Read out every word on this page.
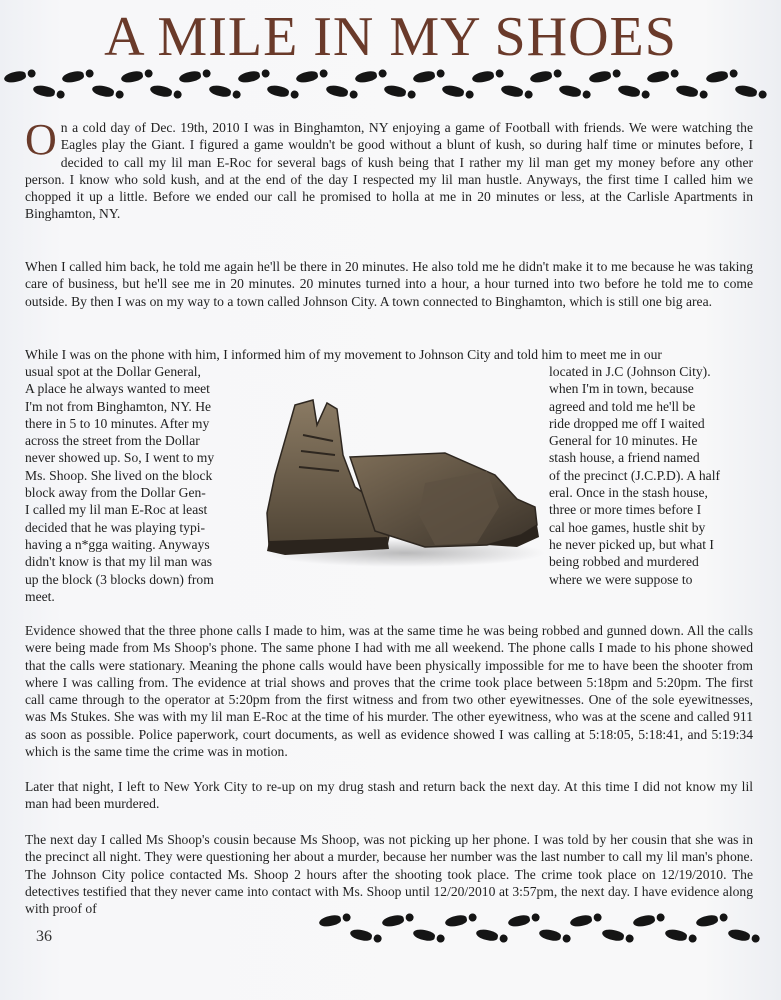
A MILE IN MY SHOES

On a cold day of Dec. 19th, 2010 I was in Binghamton, NY enjoying a game of Football with friends. We were watching the Eagles play the Giant. I figured a game wouldn't be good without a blunt of kush, so during half time or minutes before, I decided to call my lil man E-Roc for several bags of kush being that I rather my lil man get my money before any other person. I know who sold kush, and at the end of the day I respected my lil man hustle. Anyways, the first time I called him we chopped it up a little. Before we ended our call he promised to holla at me in 20 minutes or less, at the Carlisle Apartments in Binghamton, NY.

When I called him back, he told me again he'll be there in 20 minutes. He also told me he didn't make it to me because he was taking care of business, but he'll see me in 20 minutes. 20 minutes turned into a hour, a hour turned into two before he told me to come outside. By then I was on my way to a town called Johnson City. A town connected to Binghamton, which is still one big area.

While I was on the phone with him, I informed him of my movement to Johnson City and told him to meet me in our

usual spot at the Dollar General,
A place he always wanted to meet
I'm not from Binghamton, NY. He
there in 5 to 10 minutes. After my
across the street from the Dollar
never showed up. So, I went to my
Ms. Shoop. She lived on the block
block away from the Dollar Gen-
I called my lil man E-Roc at least
decided that he was playing typi-
having a n*gga waiting. Anyways
didn't know is that my lil man was
up the block (3 blocks down) from
meet.
located in J.C (Johnson City).
when I'm in town, because
agreed and told me he'll be
ride dropped me off I waited
General for 10 minutes. He
stash house, a friend named
of the precinct (J.C.P.D). A half
eral. Once in the stash house,
three or more times before I
cal hoe games, hustle shit by
he never picked up, but what I
being robbed and murdered
where we were suppose to

Evidence showed that the three phone calls I made to him, was at the same time he was being robbed and gunned down. All the calls were being made from Ms Shoop's phone. The same phone I had with me all weekend. The phone calls I made to his phone showed that the calls were stationary. Meaning the phone calls would have been physically impossible for me to have been the shooter from where I was calling from. The evidence at trial shows and proves that the crime took place between 5:18pm and 5:20pm. The first call came through to the operator at 5:20pm from the first witness and from two other eyewitnesses. One of the sole eyewitnesses, was Ms Stukes. She was with my lil man E-Roc at the time of his murder. The other eyewitness, who was at the scene and called 911 as soon as possible. Police paperwork, court documents, as well as evidence showed I was calling at 5:18:05, 5:18:41, and 5:19:34 which is the same time the crime was in motion.

Later that night, I left to New York City to re-up on my drug stash and return back the next day. At this time I did not know my lil man had been murdered.

The next day I called Ms Shoop's cousin because Ms Shoop, was not picking up her phone. I was told by her cousin that she was in the precinct all night. They were questioning her about a murder, because her number was the last number to call my lil man's phone. The Johnson City police contacted Ms. Shoop 2 hours after the shooting took place. The crime took place on 12/19/2010. The detectives testified that they never came into contact with Ms. Shoop until 12/20/2010 at 3:57pm, the next day. I have evidence along with proof of

36
